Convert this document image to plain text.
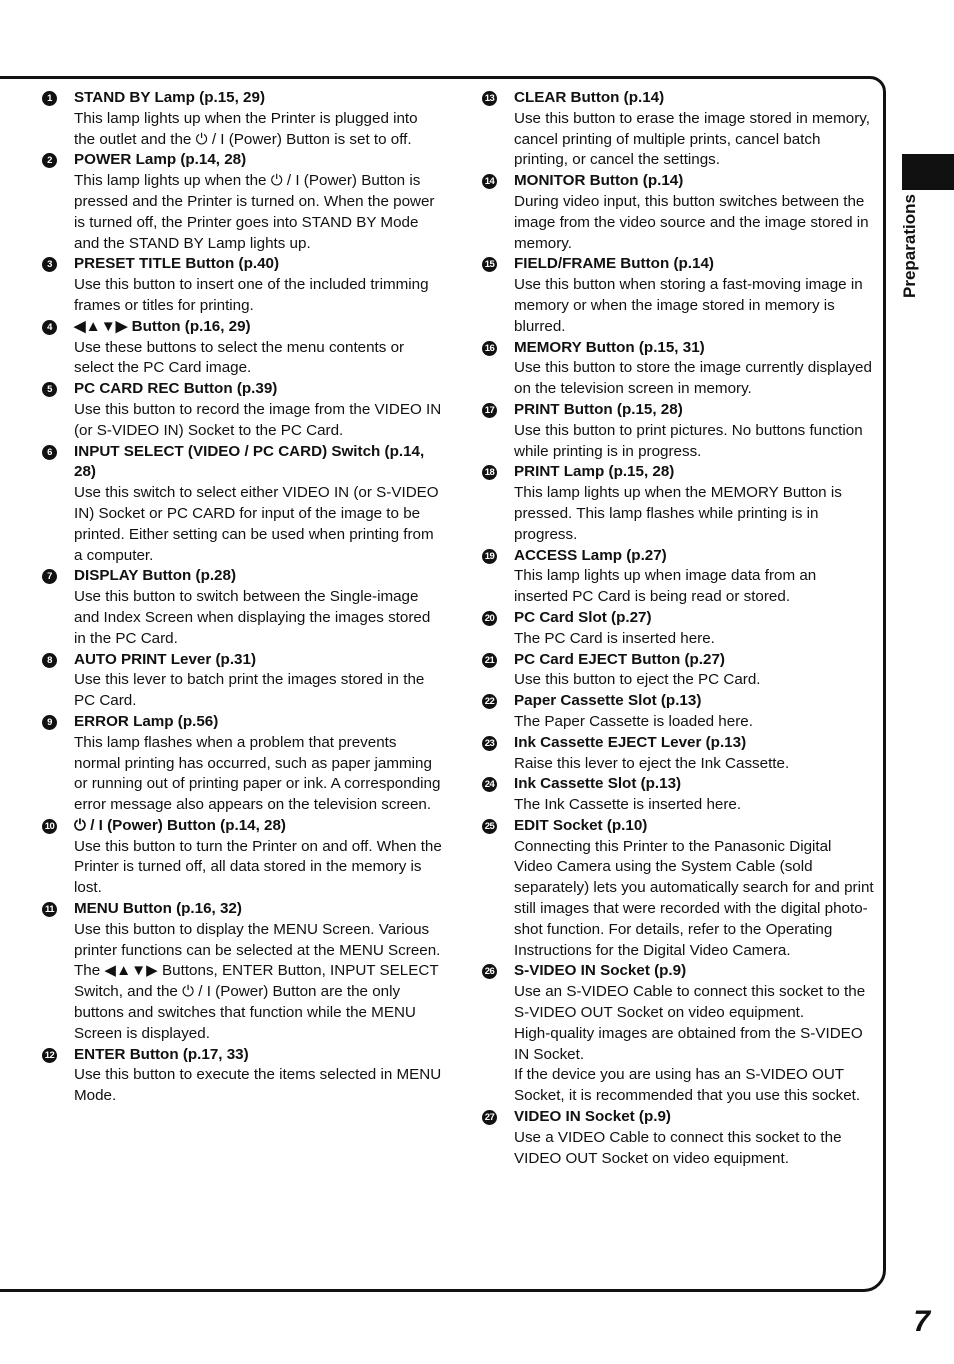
1	STAND BY Lamp (p.15, 29)

This lamp lights up when the Printer is plugged into the outlet and the ⏻ / I (Power) Button is set to off.

2	POWER Lamp (p.14, 28)

This lamp lights up when the ⏻ / I (Power) Button is pressed and the Printer is turned on. When the power is turned off, the Printer goes into STAND BY Mode and the STAND BY Lamp lights up.

3	PRESET TITLE Button (p.40)

Use this button to insert one of the included trimming frames or titles for printing.

4	◀▲▼▶ Button (p.16, 29)

Use these buttons to select the menu contents or select the PC Card image.

5	PC CARD REC Button (p.39)

Use this button to record the image from the VIDEO IN (or S-VIDEO IN) Socket to the PC Card.

6	INPUT SELECT (VIDEO / PC CARD) Switch (p.14, 28)

Use this switch to select either VIDEO IN (or S-VIDEO IN) Socket or PC CARD for input of the image to be printed. Either setting can be used when printing from a computer.

7	DISPLAY Button (p.28)

Use this button to switch between the Single-image and Index Screen when displaying the images stored in the PC Card.

8	AUTO PRINT Lever (p.31)

Use this lever to batch print the images stored in the PC Card.

9	ERROR Lamp (p.56)

This lamp flashes when a problem that prevents normal printing has occurred, such as paper jamming or running out of printing paper or ink. A corresponding error message also appears on the television screen.

10 ⏻ / I (Power) Button (p.14, 28)

Use this button to turn the Printer on and off. When the Printer is turned off, all data stored in the memory is lost.

11 MENU Button (p.16, 32)

Use this button to display the MENU Screen. Various printer functions can be selected at the MENU Screen. The ◀▲▼▶ Buttons, ENTER Button, INPUT SELECT Switch, and the ⏻ / I (Power) Button are the only buttons and switches that function while the MENU Screen is displayed.

12 ENTER Button (p.17, 33)

Use this button to execute the items selected in MENU Mode.

13 CLEAR Button (p.14)

Use this button to erase the image stored in memory, cancel printing of multiple prints, cancel batch printing, or cancel the settings.

14 MONITOR Button (p.14)

During video input, this button switches between the image from the video source and the image stored in memory.

15 FIELD/FRAME Button (p.14)

Use this button when storing a fast-moving image in memory or when the image stored in memory is blurred.

16 MEMORY Button (p.15, 31)

Use this button to store the image currently displayed on the television screen in memory.

17 PRINT Button (p.15, 28)

Use this button to print pictures. No buttons function while printing is in progress.

18 PRINT Lamp (p.15, 28)

This lamp lights up when the MEMORY Button is pressed. This lamp flashes while printing is in progress.

19 ACCESS Lamp (p.27)

This lamp lights up when image data from an inserted PC Card is being read or stored.

20 PC Card Slot (p.27)

The PC Card is inserted here.

21 PC Card EJECT Button (p.27)

Use this button to eject the PC Card.

22 Paper Cassette Slot (p.13)

The Paper Cassette is loaded here.

23 Ink Cassette EJECT Lever (p.13)

Raise this lever to eject the Ink Cassette.

24 Ink Cassette Slot (p.13)

The Ink Cassette is inserted here.

25 EDIT Socket (p.10)

Connecting this Printer to the Panasonic Digital Video Camera using the System Cable (sold separately) lets you automatically search for and print still images that were recorded with the digital photo-shot function. For details, refer to the Operating Instructions for the Digital Video Camera.

26 S-VIDEO IN Socket (p.9)

Use an S-VIDEO Cable to connect this socket to the S-VIDEO OUT Socket on video equipment.

High-quality images are obtained from the S-VIDEO IN Socket.

If the device you are using has an S-VIDEO OUT Socket, it is recommended that you use this socket.

27 VIDEO IN Socket (p.9)

Use a VIDEO Cable to connect this socket to the VIDEO OUT Socket on video equipment.

Preparations
7
